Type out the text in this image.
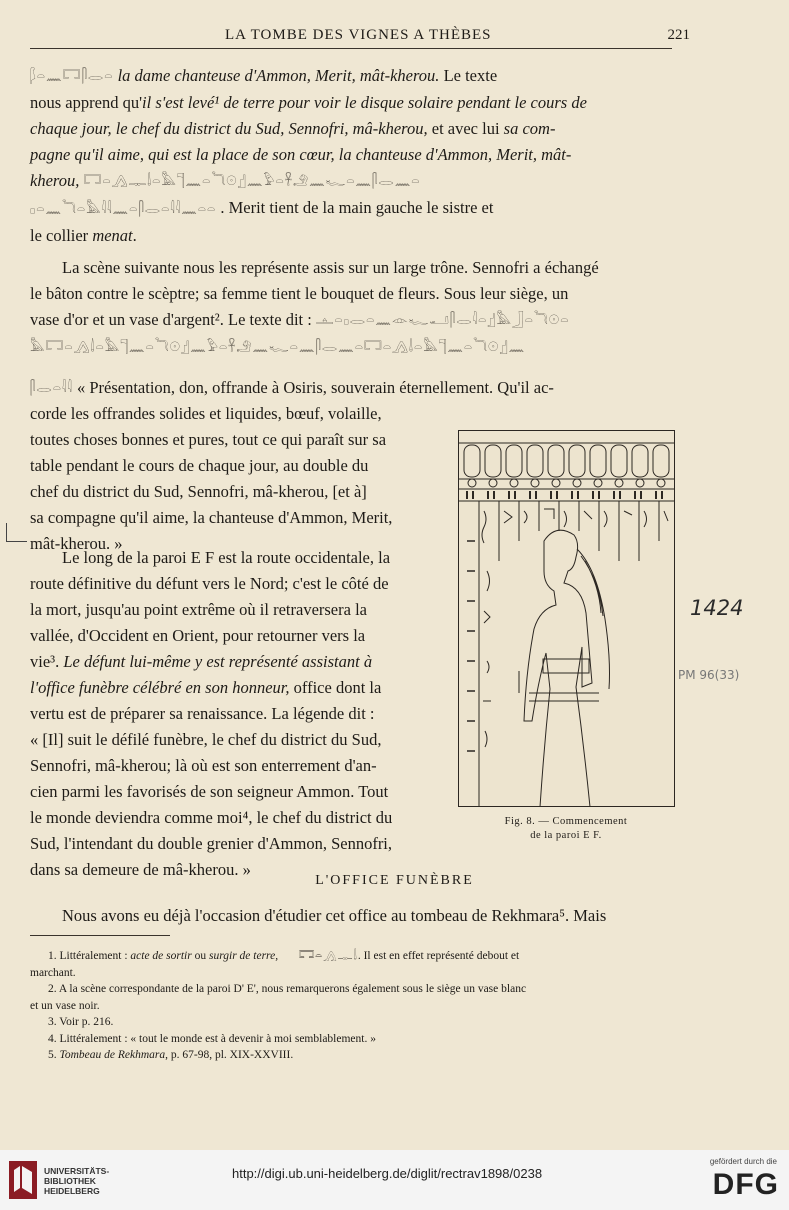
LA TOMBE DES VIGNES A THÈBES	221
𓆄𓏏𓈖𓉐𓋴𓂋𓏏 la dame chanteuse d'Ammon, Merit, mât-kherou. Le texte
nous apprend qu'il s'est levé¹ de terre pour voir le disque solaire pendant le cours de
chaque jour, le chef du district du Sud, Sennofri, mâ-kherou, et avec lui sa com-
pagne qu'il aime, qui est la place de son cœur, la chanteuse d'Ammon, Merit, mât-
kherou, 𓉐𓏏𓂻𓊃𓌃𓏏𓅓𓊹𓈖𓏏𓆓𓇳𓊨𓈖𓅱𓏏𓋹𓄂𓈖𓆑𓏏𓈖𓋴𓂋𓈖𓏏
𓊪𓏏𓈖𓆓𓏏𓅓𓇋𓇋𓈖𓏏𓋴𓂋𓏏𓇋𓇋𓈖𓏏𓏏 . Merit tient de la main gauche le sistre et
le collier menat.
La scène suivante nous les représente assis sur un large trône. Sennofri a échangé
le bâton contre le scèptre; sa femme tient le bouquet de fleurs. Sous leur siège, un
vase d'or et un vase d'argent². Le texte dit : 𓊵𓏏𓊪𓂋𓏏𓈖𓁹𓆑𓂝𓋴𓂋𓇋𓏏𓊨𓅓𓃀𓏏𓆓𓇳𓏏
𓅓𓉐𓏏𓂻𓌃𓏏𓅓𓊹𓈖𓏏𓆓𓇳𓊨𓈖𓅱𓏏𓋹𓄂𓈖𓆑𓏏𓈖𓋴𓂋𓈖𓏏𓉐𓏏𓂻𓌃𓏏𓅓𓊹𓈖𓏏𓆓𓇳𓊨𓈖
𓋴𓂋𓏏𓇋𓇋 « Présentation, don, offrande à Osiris, souverain éternellement. Qu'il ac-
corde les offrandes solides et liquides, bœuf, volaille,
toutes choses bonnes et pures, tout ce qui paraît sur sa
table pendant le cours de chaque jour, au double du
chef du district du Sud, Sennofri, mâ-kherou, [et à]
sa compagne qu'il aime, la chanteuse d'Ammon, Merit,
mât-kherou. »
Le long de la paroi E F est la route occidentale, la
route définitive du défunt vers le Nord; c'est le côté de
la mort, jusqu'au point extrême où il retraversera la
vallée, d'Occident en Orient, pour retourner vers la
vie³. Le défunt lui-même y est représenté assistant à
l'office funèbre célébré en son honneur, office dont la
vertu est de préparer sa renaissance. La légende dit :
« [Il] suit le défilé funèbre, le chef du district du Sud,
Sennofri, mâ-kherou; là où est son enterrement d'an-
cien parmi les favorisés de son seigneur Ammon. Tout
le monde deviendra comme moi⁴, le chef du district du
Sud, l'intendant du double grenier d'Ammon, Sennofri,
dans sa demeure de mâ-kherou. »
Fig. 8. — Commencement
de la paroi E F.
1424
PM 96(33)
L'OFFICE FUNÈBRE
Nous avons eu déjà l'occasion d'étudier cet office au tombeau de Rekhmara⁵. Mais

1. Littéralement : acte de sortir ou surgir de terre, 𓉐𓏏𓂻𓊃𓌃. Il est en effet représenté debout et

marchant.

2. A la scène correspondante de la paroi D' E', nous remarquerons également sous le siège un vase blanc

et un vase noir.

3. Voir p. 216.

4. Littéralement : « tout le monde est à devenir à moi semblablement. »

5. Tombeau de Rekhmara, p. 67-98, pl. XIX-XXVIII.

UNIVERSITÄTS-
BIBLIOTHEK
HEIDELBERG
http://digi.ub.uni-heidelberg.de/diglit/rectrav1898/0238
gefördert durch die
DFG
